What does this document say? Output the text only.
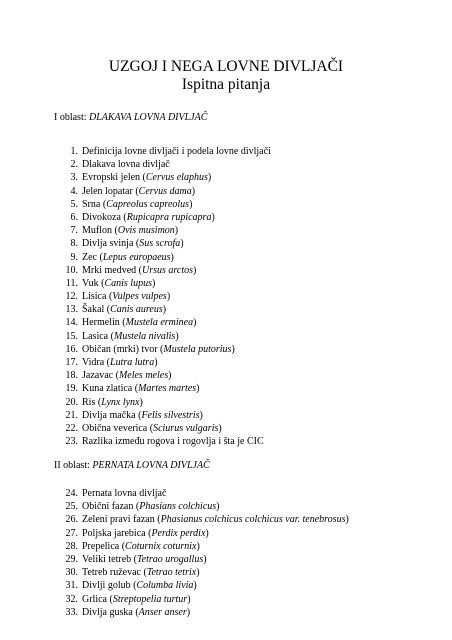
UZGOJ I NEGA LOVNE DIVLJAČI
Ispitna pitanja
I oblast: DLAKAVA LOVNA DIVLJAČ
1. Definicija lovne divljači i podela lovne divljači
2. Dlakava lovna divljač
3. Evropski jelen (Cervus elaphus)
4. Jelen lopatar (Cervus dama)
5. Srna (Capreolus capreolus)
6. Divokoza (Rupicapra rupicapra)
7. Muflon (Ovis musimon)
8. Divlja svinja (Sus scrofa)
9. Zec (Lepus europaeus)
10. Mrki medved (Ursus arctos)
11. Vuk (Canis lupus)
12. Lisica (Vulpes vulpes)
13. Šakal (Canis aureus)
14. Hermelin (Mustela erminea)
15. Lasica (Mustela nivalis)
16. Običan (mrki) tvor (Mustela putorius)
17. Vidra (Lutra lutra)
18. Jazavac (Meles meles)
19. Kuna zlatica (Martes martes)
20. Ris (Lynx lynx)
21. Divlja mačka (Felis silvestris)
22. Obična veverica (Sciurus vulgaris)
23. Razlika između rogova i rogovlja i šta je CIC
II oblast: PERNATA LOVNA DIVLJAČ
24. Pernata lovna divljač
25. Obični fazan (Phasians colchicus)
26. Zeleni pravi fazan (Phasianus colchicus colchicus var. tenebrosus)
27. Poljska jarebica (Perdix perdix)
28. Prepelica (Coturnix coturnix)
29. Veliki tetreb (Tetrao urogallus)
30. Tetreb ruževac (Tetrao tetrix)
31. Divlji golub (Columba livia)
32. Grlica (Streptopelia turtur)
33. Divlja guska (Anser anser)
